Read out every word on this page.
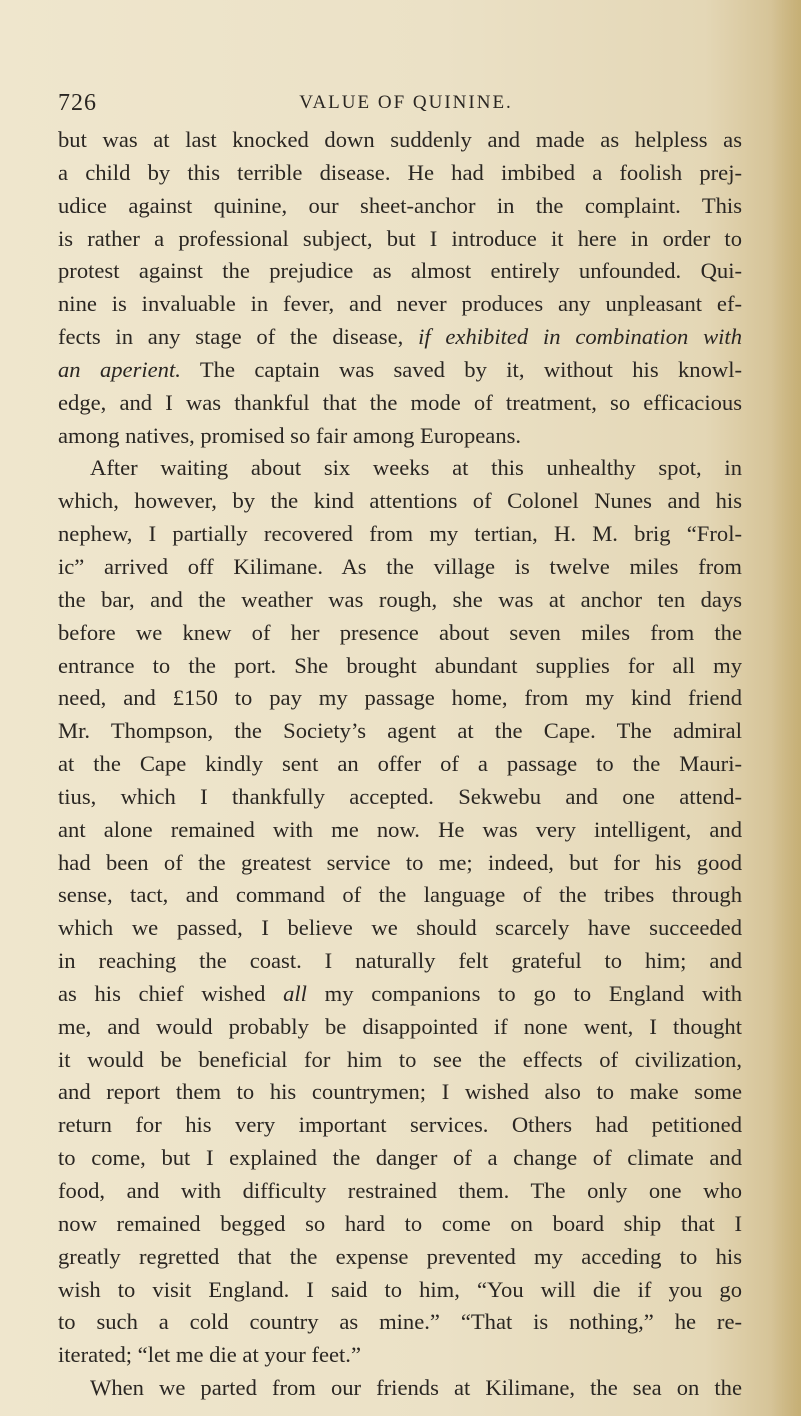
726	VALUE OF QUININE.
but was at last knocked down suddenly and made as helpless as
a child by this terrible disease. He had imbibed a foolish prej-
udice against quinine, our sheet-anchor in the complaint. This
is rather a professional subject, but I introduce it here in order to
protest against the prejudice as almost entirely unfounded. Qui-
nine is invaluable in fever, and never produces any unpleasant ef-
fects in any stage of the disease, if exhibited in combination with
an aperient. The captain was saved by it, without his knowl-
edge, and I was thankful that the mode of treatment, so efficacious
among natives, promised so fair among Europeans.
After waiting about six weeks at this unhealthy spot, in
which, however, by the kind attentions of Colonel Nunes and his
nephew, I partially recovered from my tertian, H. M. brig “Frol-
ic” arrived off Kilimane. As the village is twelve miles from
the bar, and the weather was rough, she was at anchor ten days
before we knew of her presence about seven miles from the
entrance to the port. She brought abundant supplies for all my
need, and £150 to pay my passage home, from my kind friend
Mr. Thompson, the Society’s agent at the Cape. The admiral
at the Cape kindly sent an offer of a passage to the Mauri-
tius, which I thankfully accepted. Sekwebu and one attend-
ant alone remained with me now. He was very intelligent, and
had been of the greatest service to me; indeed, but for his good
sense, tact, and command of the language of the tribes through
which we passed, I believe we should scarcely have succeeded
in reaching the coast. I naturally felt grateful to him; and
as his chief wished all my companions to go to England with
me, and would probably be disappointed if none went, I thought
it would be beneficial for him to see the effects of civilization,
and report them to his countrymen; I wished also to make some
return for his very important services. Others had petitioned
to come, but I explained the danger of a change of climate and
food, and with difficulty restrained them. The only one who
now remained begged so hard to come on board ship that I
greatly regretted that the expense prevented my acceding to his
wish to visit England. I said to him, “You will die if you go
to such a cold country as mine.” “That is nothing,” he re-
iterated; “let me die at your feet.”
When we parted from our friends at Kilimane, the sea on the
